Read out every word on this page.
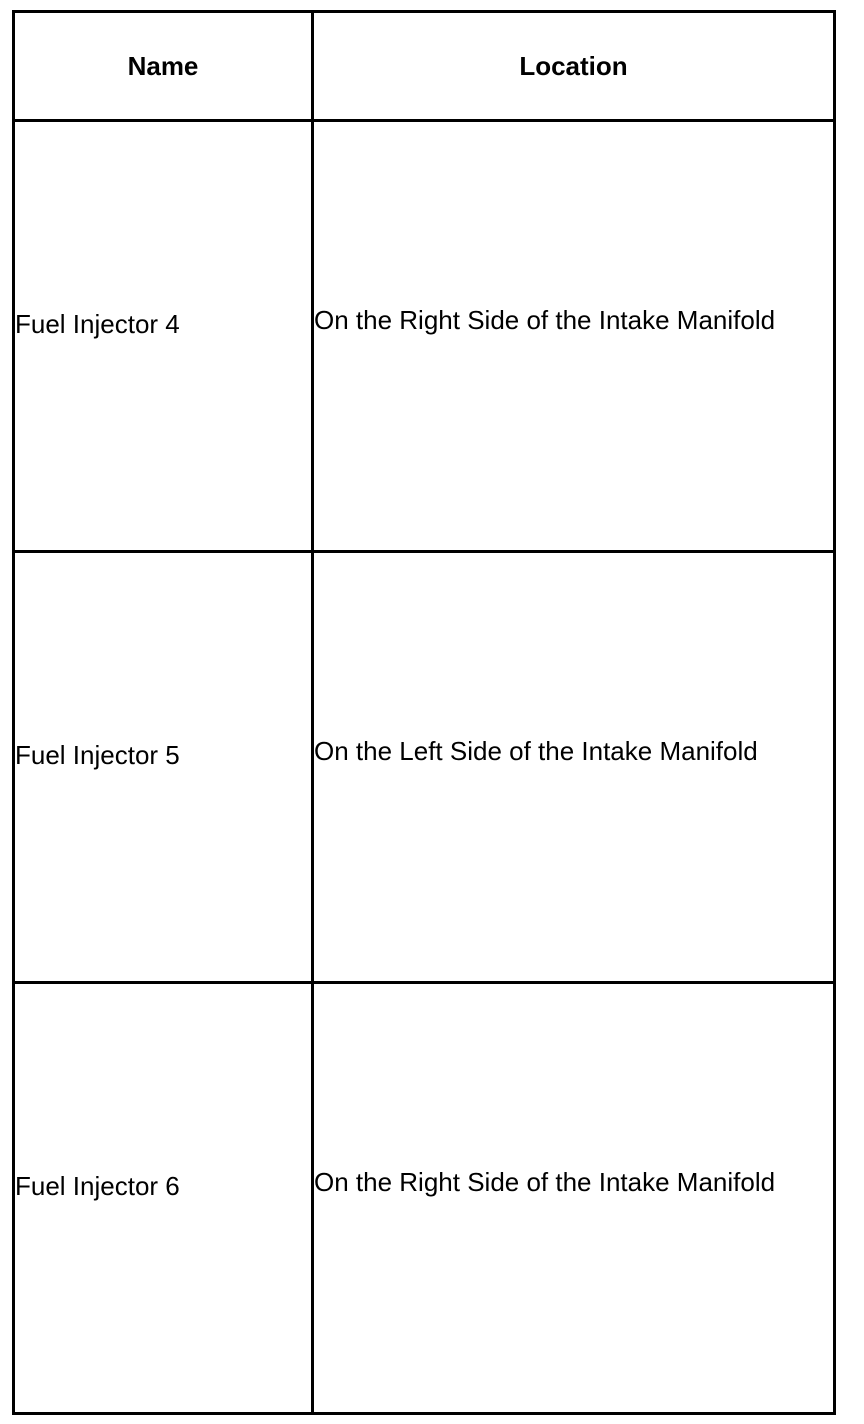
Name	Location

Fuel Injector 4	On the Right Side of the Intake Manifold

Fuel Injector 5	On the Left Side of the Intake Manifold

Fuel Injector 6	On the Right Side of the Intake Manifold
